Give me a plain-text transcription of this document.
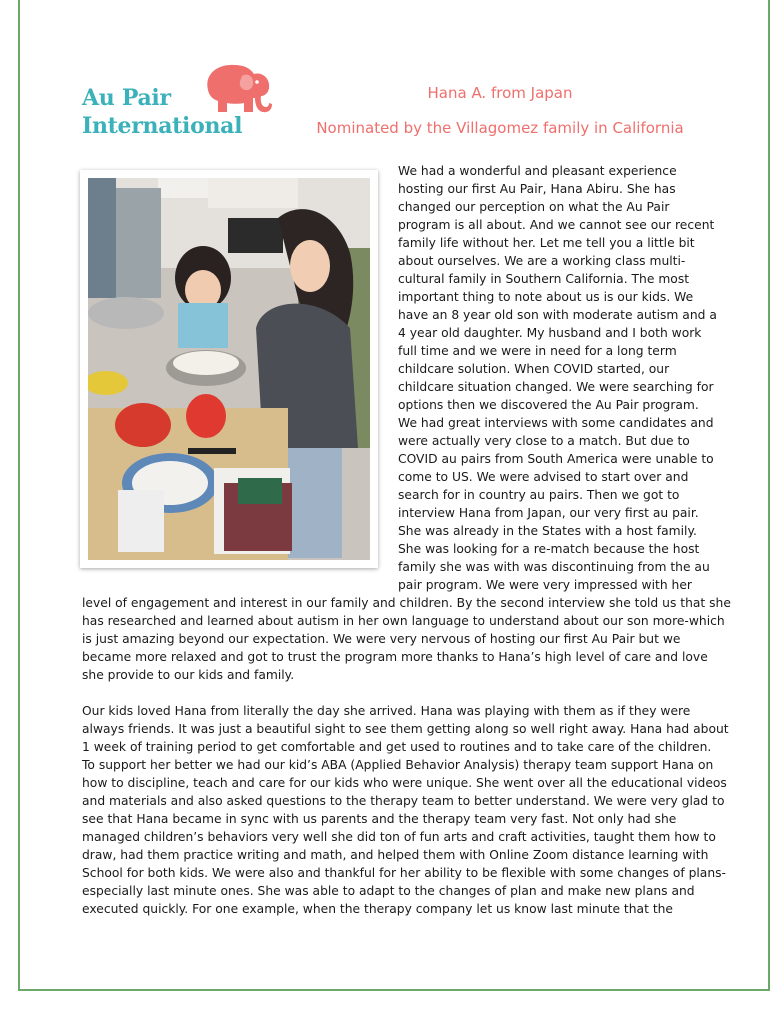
Au Pair
International
Hana A. from Japan
Nominated by the Villagomez family in California
We had a wonderful and pleasant experience
hosting our first Au Pair, Hana Abiru. She has
changed our perception on what the Au Pair
program is all about. And we cannot see our recent
family life without her. Let me tell you a little bit
about ourselves. We are a working class multi-
cultural family in Southern California. The most
important thing to note about us is our kids. We
have an 8 year old son with moderate autism and a
4 year old daughter. My husband and I both work
full time and we were in need for a long term
childcare solution. When COVID started, our
childcare situation changed. We were searching for
options then we discovered the Au Pair program.
We had great interviews with some candidates and
were actually very close to a match. But due to
COVID au pairs from South America were unable to
come to US. We were advised to start over and
search for in country au pairs. Then we got to
interview Hana from Japan, our very first au pair.
She was already in the States with a host family.
She was looking for a re-match because the host
family she was with was discontinuing from the au
pair program. We were very impressed with her
level of engagement and interest in our family and children. By the second interview she told us that she
has researched and learned about autism in her own language to understand about our son more-which
is just amazing beyond our expectation. We were very nervous of hosting our first Au Pair but we
became more relaxed and got to trust the program more thanks to Hana’s high level of care and love
she provide to our kids and family.
Our kids loved Hana from literally the day she arrived. Hana was playing with them as if they were
always friends. It was just a beautiful sight to see them getting along so well right away. Hana had about
1 week of training period to get comfortable and get used to routines and to take care of the children.
To support her better we had our kid’s ABA (Applied Behavior Analysis) therapy team support Hana on
how to discipline, teach and care for our kids who were unique. She went over all the educational videos
and materials and also asked questions to the therapy team to better understand. We were very glad to
see that Hana became in sync with us parents and the therapy team very fast. Not only had she
managed children’s behaviors very well she did ton of fun arts and craft activities, taught them how to
draw, had them practice writing and math, and helped them with Online Zoom distance learning with
School for both kids. We were also and thankful for her ability to be flexible with some changes of plans-
especially last minute ones. She was able to adapt to the changes of plan and make new plans and
executed quickly. For one example, when the therapy company let us know last minute that the
